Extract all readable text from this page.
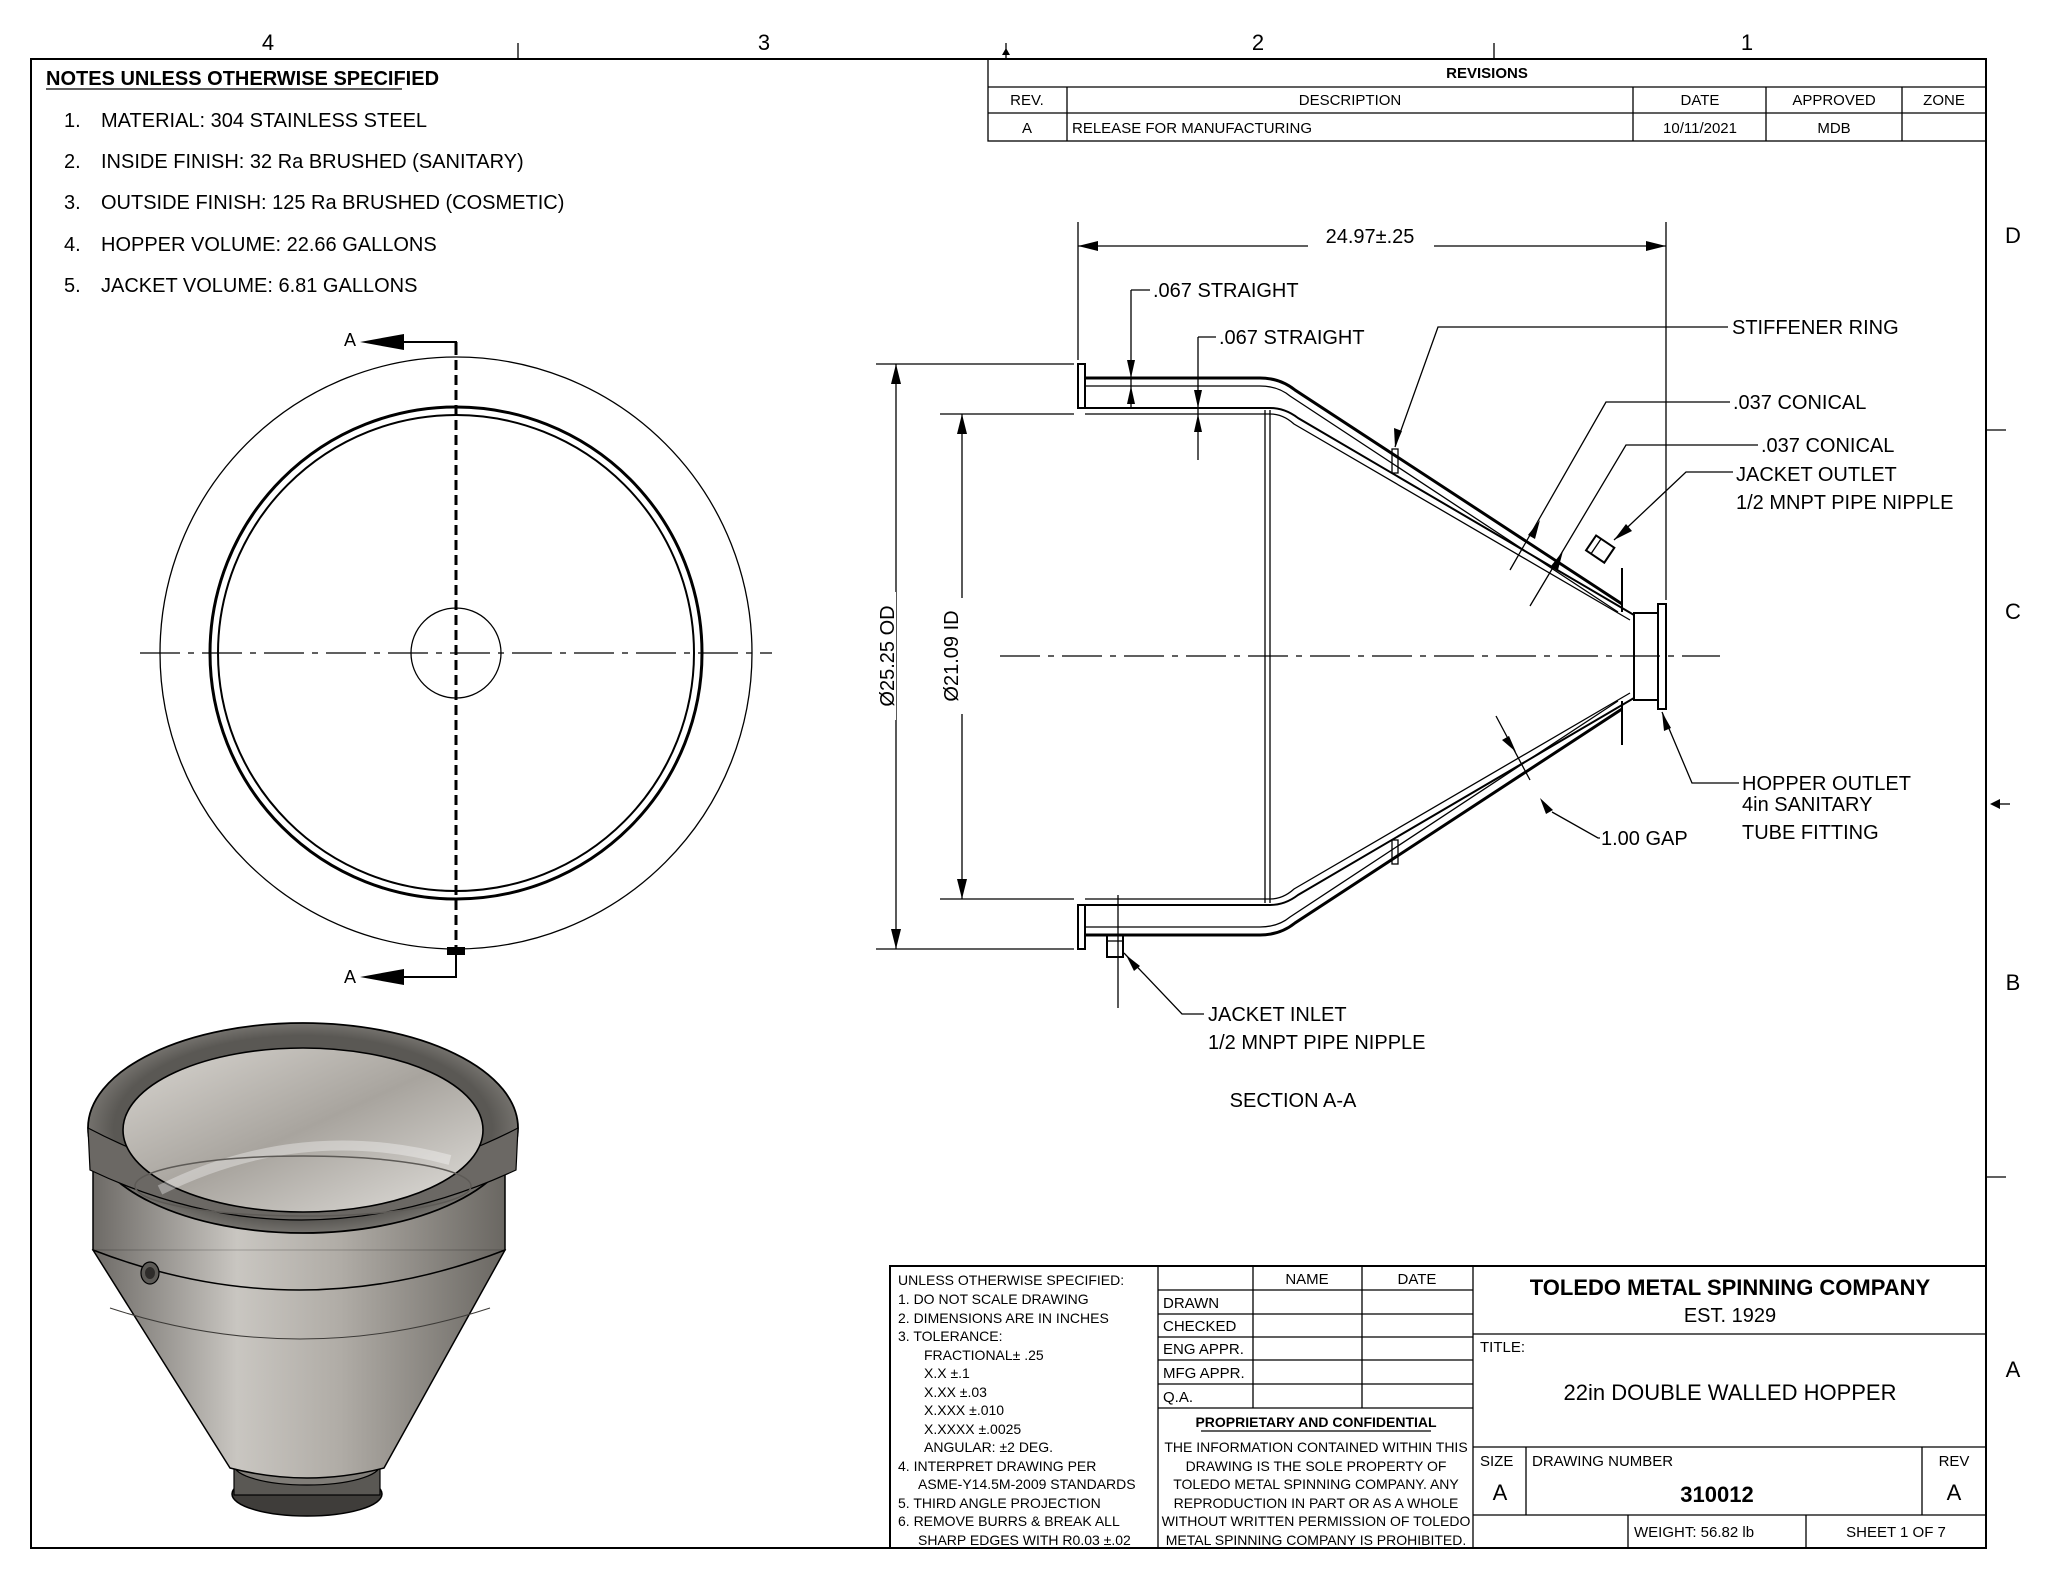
4	3	2	1
D
C
B
A
NOTES UNLESS OTHERWISE SPECIFIED
1. MATERIAL: 304 STAINLESS STEEL
2. INSIDE FINISH: 32 Ra BRUSHED (SANITARY)
3. OUTSIDE FINISH: 125 Ra BRUSHED (COSMETIC)
4. HOPPER VOLUME: 22.66 GALLONS
5. JACKET VOLUME: 6.81 GALLONS
REVISIONS
REV.	DESCRIPTION	DATE	APPROVED	ZONE
A	RELEASE FOR MANUFACTURING	10/11/2021	MDB
A
A
24.97±.25
Ø25.25 OD Ø21.09 ID
.067 STRAIGHT
.067 STRAIGHT	STIFFENER RING
.037 CONICAL
.037 CONICAL
JACKET OUTLET
1/2 MNPT PIPE NIPPLE
HOPPER OUTLET
4in SANITARY
TUBE FITTING
1.00 GAP
JACKET INLET
1/2 MNPT PIPE NIPPLE
SECTION A-A
UNLESS OTHERWISE SPECIFIED:
1. DO NOT SCALE DRAWING
2. DIMENSIONS ARE IN INCHES
3. TOLERANCE:
FRACTIONAL± .25
X.X ±.1
X.XX ±.03
X.XXX ±.010
X.XXXX ±.0025
ANGULAR: ±2 DEG.
4. INTERPRET DRAWING PER
ASME-Y14.5M-2009 STANDARDS
5. THIRD ANGLE PROJECTION
6. REMOVE BURRS & BREAK ALL
SHARP EDGES WITH R0.03 ±.02
NAME	DATE
DRAWN
CHECKED
ENG APPR.
MFG APPR.
Q.A.
PROPRIETARY AND CONFIDENTIAL
THE INFORMATION CONTAINED WITHIN THIS
DRAWING IS THE SOLE PROPERTY OF
TOLEDO METAL SPINNING COMPANY. ANY
REPRODUCTION IN PART OR AS A WHOLE
WITHOUT WRITTEN PERMISSION OF TOLEDO
METAL SPINNING COMPANY IS PROHIBITED.
TOLEDO METAL SPINNING COMPANY
EST. 1929
TITLE:
22in DOUBLE WALLED HOPPER
SIZE
A
DRAWING NUMBER
310012
REV
A
WEIGHT: 56.82 lb	SHEET 1 OF 7
